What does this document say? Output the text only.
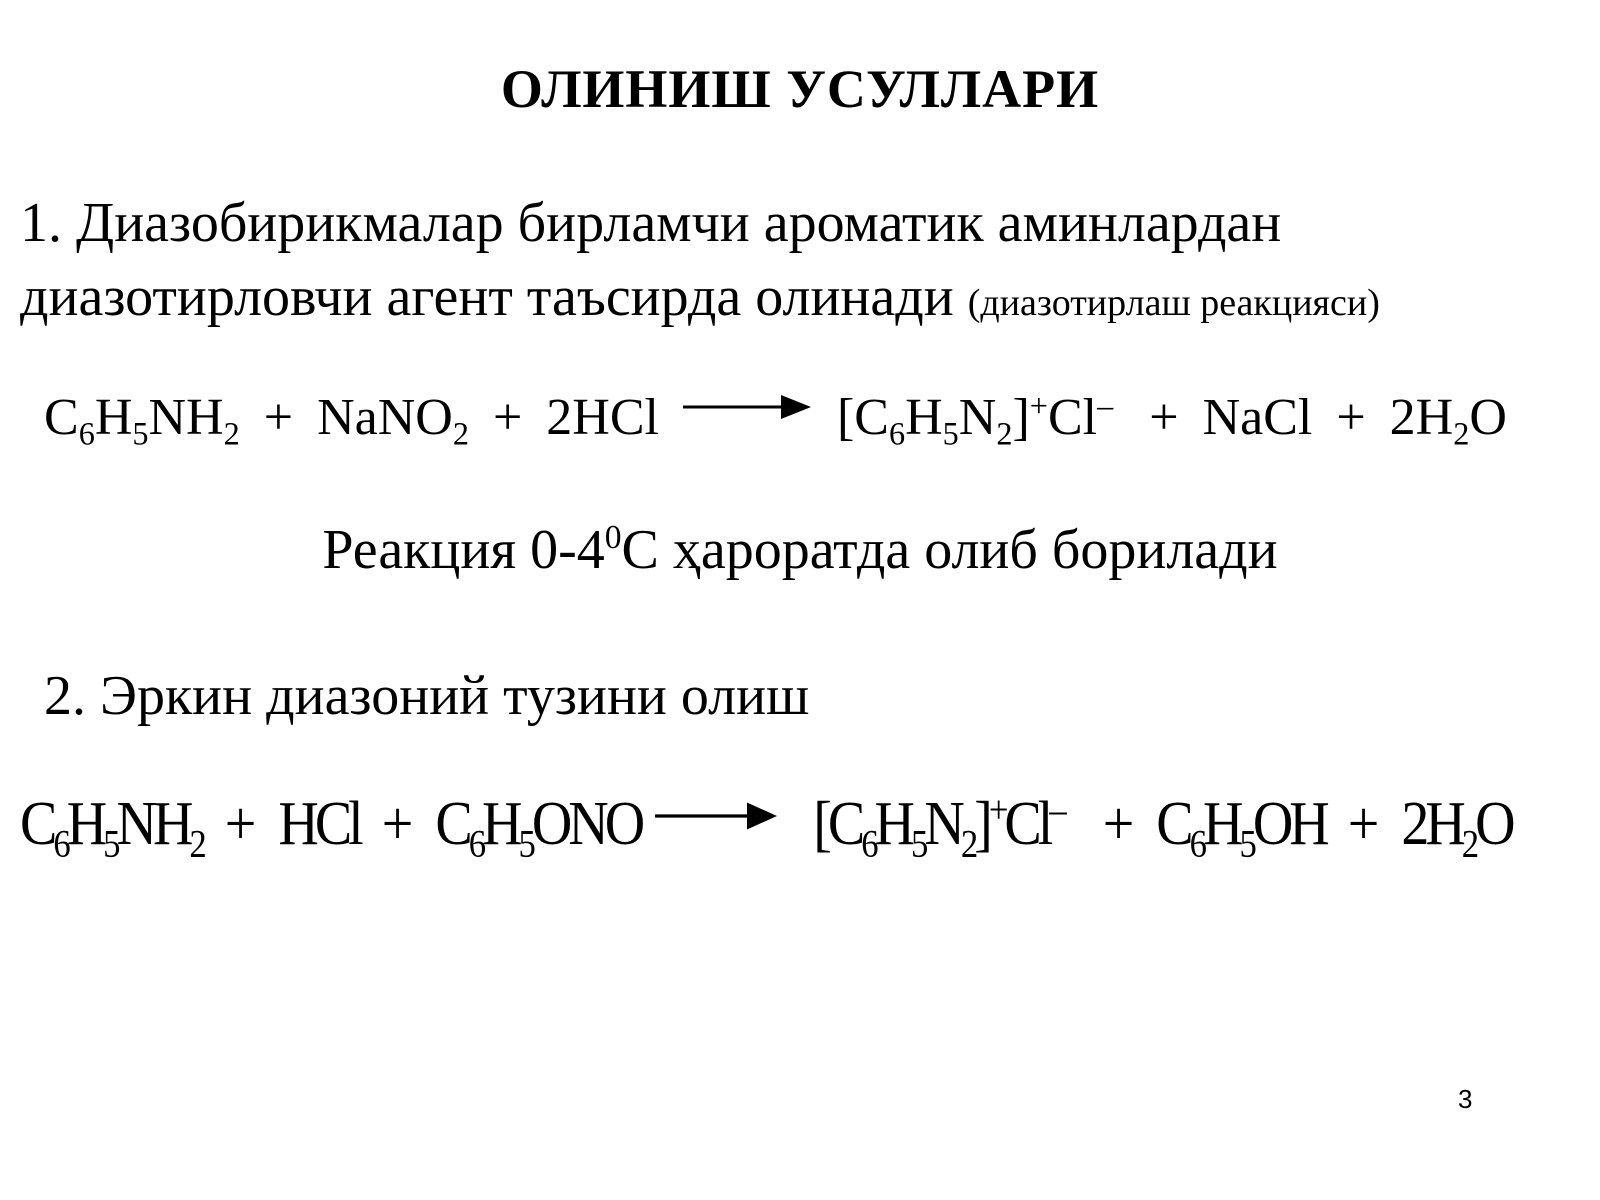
ОЛИНИШ УСУЛЛАРИ
1. Диазобирикмалар бирламчи ароматик аминлардан
диазотирловчи агент таъсирда олинади (диазотирлаш реакцияси)
$C_6H_5NH_2$ + NaNO$_2$ + $2HCl \to [C_6H_5N_2]^+Cl^-$ + NaCl + $2H_2O$
Реакция $0-4^0С$ ҳароратда олиб борилади
2. Эркин диазоний тузини олиш
$C_6H_5NH_2$ + HCl + $C_6H_5ONO \to [C_6H_5N_2]^+Cl^- + C_6H_5OH + 2H_2O$
3
